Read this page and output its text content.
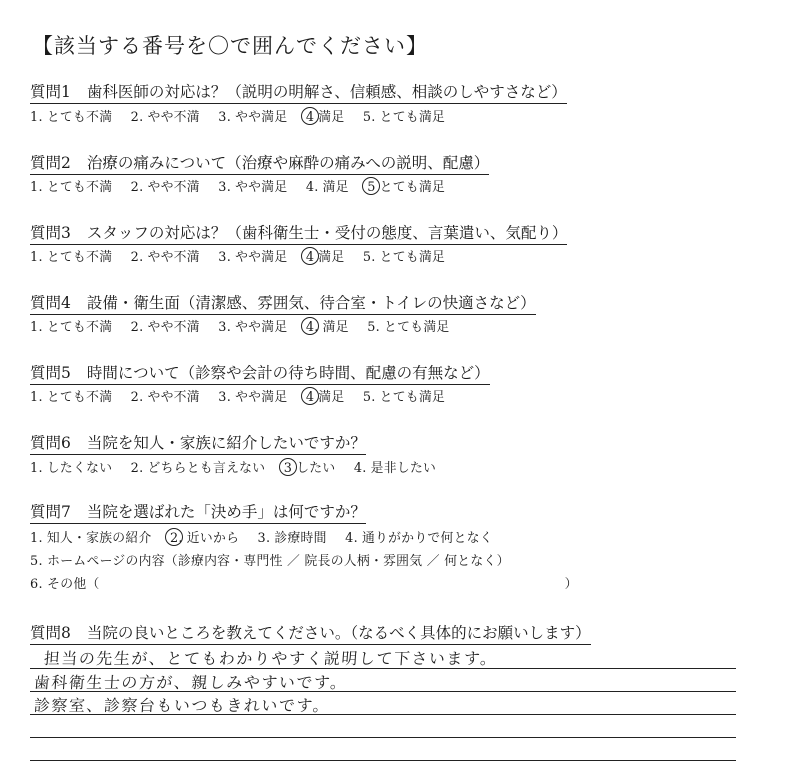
【該当する番号を〇で囲んでください】
質問1 歯科医師の対応は？（説明の明解さ、信頼感、相談のしやすさなど）
1. とても不満 2. やや不満 3. やや満足 4 満足 5. とても満足
質問2 治療の痛みについて（治療や麻酔の痛みへの説明、配慮）
1. とても不満 2. やや不満 3. やや満足 4. 満足 5 とても満足
質問3 スタッフの対応は？（歯科衛生士・受付の態度、言葉遣い、気配り）
1. とても不満 2. やや不満 3. やや満足 4 満足 5. とても満足
質問4 設備・衛生面（清潔感、雰囲気、待合室・トイレの快適さなど）
1. とても不満 2. やや不満 3. やや満足 4. 満足 5. とても満足
質問5 時間について（診察や会計の待ち時間、配慮の有無など）
1. とても不満 2. やや不満 3. やや満足 4 満足 5. とても満足
質問6 当院を知人・家族に紹介したいですか？
1. したくない 2. どちらとも言えない 3 したい 4. 是非したい
質問7 当院を選ばれた「決め手」は何ですか？
1. 知人・家族の紹介 2. 近いから 3. 診療時間 4. 通りがかりで何となく
5. ホームページの内容（診療内容・専門性 ／ 院長の人柄・雰囲気 ／ 何となく）
6. その他（	）
質問8 当院の良いところを教えてください。（なるべく具体的にお願いします）
担当の先生が、とてもわかりやすく説明して下さいます。
歯科衛生士の方が、親しみやすいです。
診察室、診察台もいつもきれいです。
